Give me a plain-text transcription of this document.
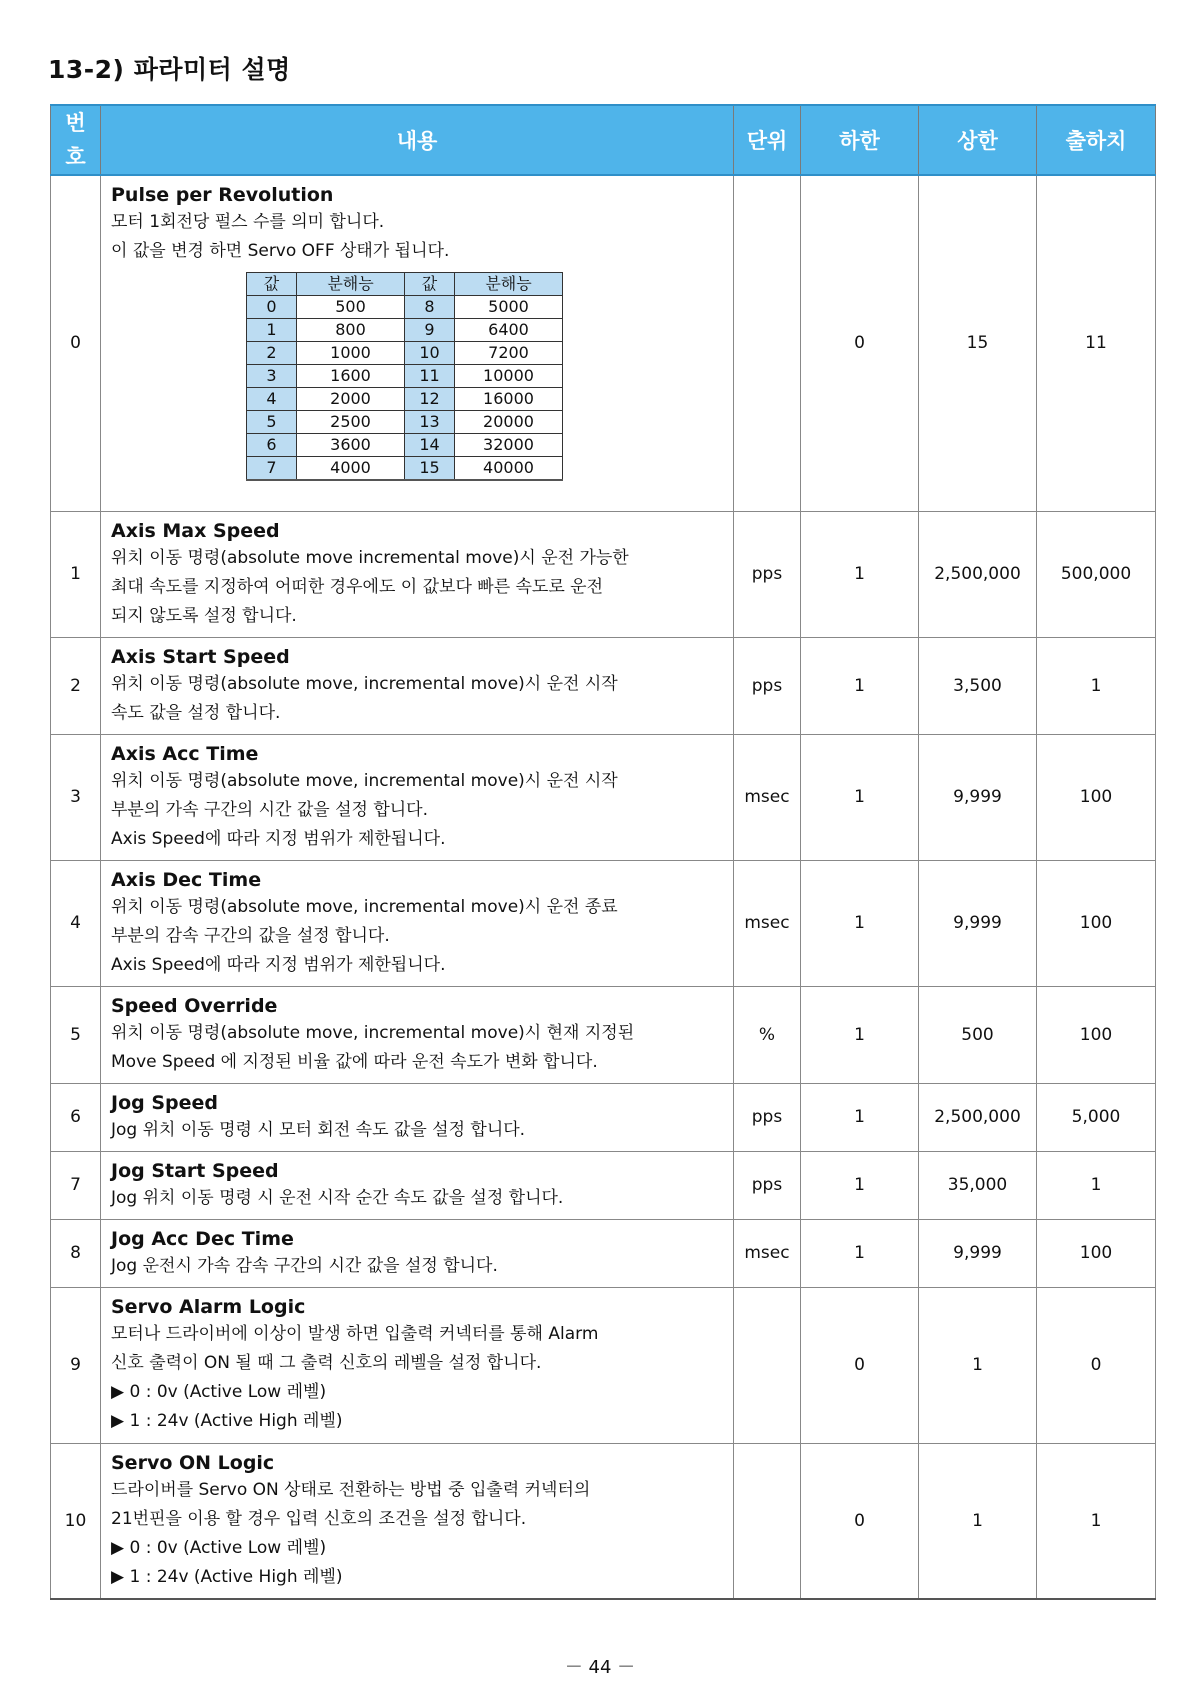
13-2) 파라미터 설명
번
호
	내용	단위	하한	상한	출하치
0	
Pulse per Revolution
모터 1회전당 펄스 수를 의미 합니다.
이 값을 변경 하면 Servo OFF 상태가 됩니다.
값	분해능	값	분해능
0	500	8	5000
1	800	9	6400
2	1000	10	7200
3	1600	11	10000
4	2000	12	16000
5	2500	13	20000
6	3600	14	32000
7	4000	15	40000
		0	15	11
1	
Axis Max Speed
위치 이동 명령(absolute move incremental move)시 운전 가능한
최대 속도를 지정하여 어떠한 경우에도 이 값보다 빠른 속도로 운전
되지 않도록 설정 합니다.
	pps	1	2,500,000	500,000
2	
Axis Start Speed
위치 이동 명령(absolute move, incremental move)시 운전 시작
속도 값을 설정 합니다.
	pps	1	3,500	1
3	
Axis Acc Time
위치 이동 명령(absolute move, incremental move)시 운전 시작
부분의 가속 구간의 시간 값을 설정 합니다.
Axis Speed에 따라 지정 범위가 제한됩니다.
	msec	1	9,999	100
4	
Axis Dec Time
위치 이동 명령(absolute move, incremental move)시 운전 종료
부분의 감속 구간의 값을 설정 합니다.
Axis Speed에 따라 지정 범위가 제한됩니다.
	msec	1	9,999	100
5	
Speed Override
위치 이동 명령(absolute move, incremental move)시 현재 지정된
Move Speed 에 지정된 비율 값에 따라 운전 속도가 변화 합니다.
	%	1	500	100
6	
Jog Speed
Jog 위치 이동 명령 시 모터 회전 속도 값을 설정 합니다.
	pps	1	2,500,000	5,000
7	
Jog Start Speed
Jog 위치 이동 명령 시 운전 시작 순간 속도 값을 설정 합니다.
	pps	1	35,000	1
8	
Jog Acc Dec Time
Jog 운전시 가속 감속 구간의 시간 값을 설정 합니다.
	msec	1	9,999	100
9	
Servo Alarm Logic
모터나 드라이버에 이상이 발생 하면 입출력 커넥터를 통해 Alarm
신호 출력이 ON 될 때 그 출력 신호의 레벨을 설정 합니다.
▶ 0 : 0v (Active Low 레벨)
▶ 1 : 24v (Active High 레벨)
		0	1	0
10	
Servo ON Logic
드라이버를 Servo ON 상태로 전환하는 방법 중 입출력 커넥터의
21번핀을 이용 할 경우 입력 신호의 조건을 설정 합니다.
▶ 0 : 0v (Active Low 레벨)
▶ 1 : 24v (Active High 레벨)
		0	1	1
－ 44 －
